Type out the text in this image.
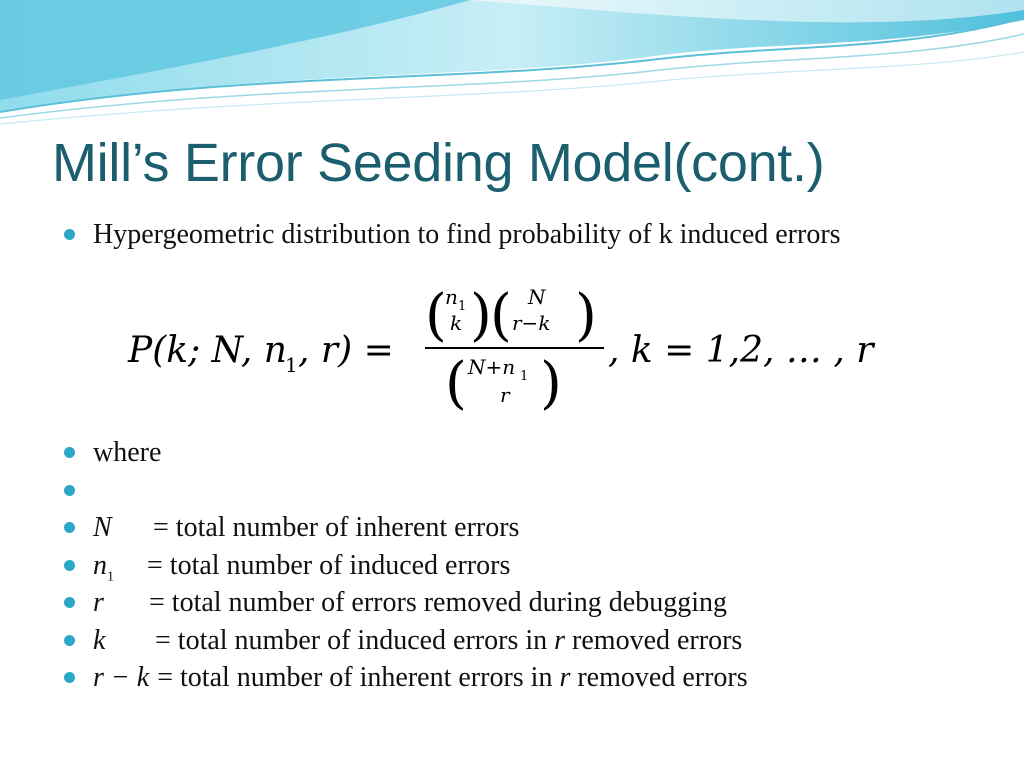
Mill’s Error Seeding Model(cont.)
Hypergeometric distribution to find probability of k induced errors
P(k; N, n
1 , r) =
(
n 1
k )
( N
r−k )
( N+n 1
r )
, k = 1,2, … , r
where
N = total number of inherent errors
$n_1$ = total number of induced errors
r = total number of errors removed during debugging
k = total number of induced errors in r removed errors
r − k = total number of inherent errors in r removed errors
